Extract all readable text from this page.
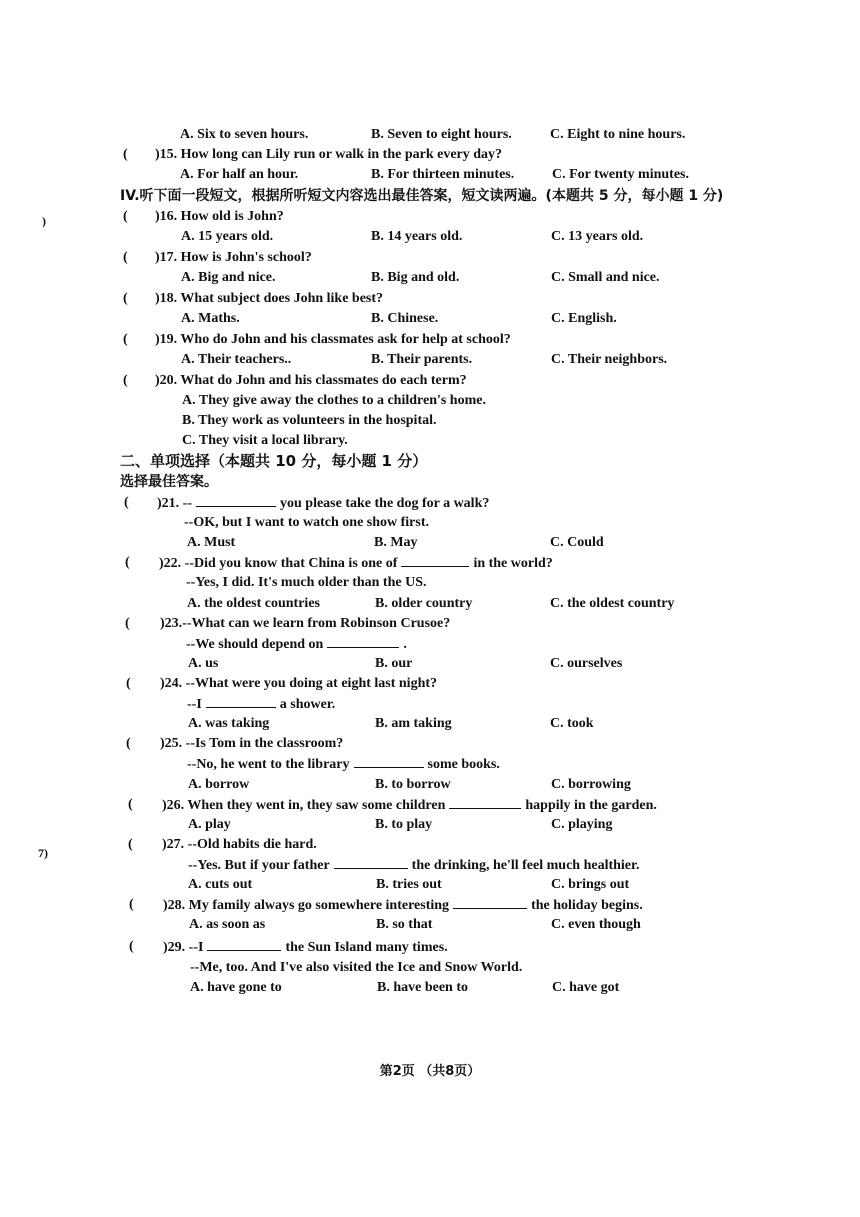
)
7)
A. Six to seven hours.	B. Seven to eight hours.	C. Eight to nine hours.
( )15. How long can Lily run or walk in the park every day?
A. For half an hour.	B. For thirteen minutes.	C. For twenty minutes.
IV.听下面一段短文，根据所听短文内容选出最佳答案，短文读两遍。(本题共 5 分，每小题 1 分)
( )16. How old is John?
A. 15 years old.	B. 14 years old.	C. 13 years old.
( )17. How is John's school?
A. Big and nice.	B. Big and old.	C. Small and nice.
( )18. What subject does John like best?
A. Maths.	B. Chinese.	C. English.
( )19. Who do John and his classmates ask for help at school?
A. Their teachers..	B. Their parents.	C. Their neighbors.
( )20. What do John and his classmates do each term?
A. They give away the clothes to a children's home.
B. They work as volunteers in the hospital.
C. They visit a local library.
二、单项选择（本题共 10 分，每小题 1 分）
选择最佳答案。
( )21. --	you please take the dog for a walk?
--OK, but I want to watch one show first.
A. Must	B. May	C. Could
( )22. --Did you know that China is one of	in the world?
--Yes, I did. It's much older than the US.
A. the oldest countries	B. older country	C. the oldest country
( )23.--What can we learn from Robinson Crusoe?
--We should depend on	.
A. us	B. our	C. ourselves
( )24. --What were you doing at eight last night?
--I	a shower.
A. was taking	B. am taking	C. took
( )25. --Is Tom in the classroom?
--No, he went to the library	some books.
A. borrow	B. to borrow	C. borrowing
( )26. When they went in, they saw some children	happily in the garden.
A. play	B. to play	C. playing
( )27. --Old habits die hard.
--Yes. But if your father	the drinking, he'll feel much healthier.
A. cuts out	B. tries out	C. brings out
( )28. My family always go somewhere interesting	the holiday begins.
A. as soon as	B. so that	C. even though
( )29. --I	the Sun Island many times.
--Me, too. And I've also visited the Ice and Snow World.
A. have gone to	B. have been to	C. have got
第2页 （共8页）
